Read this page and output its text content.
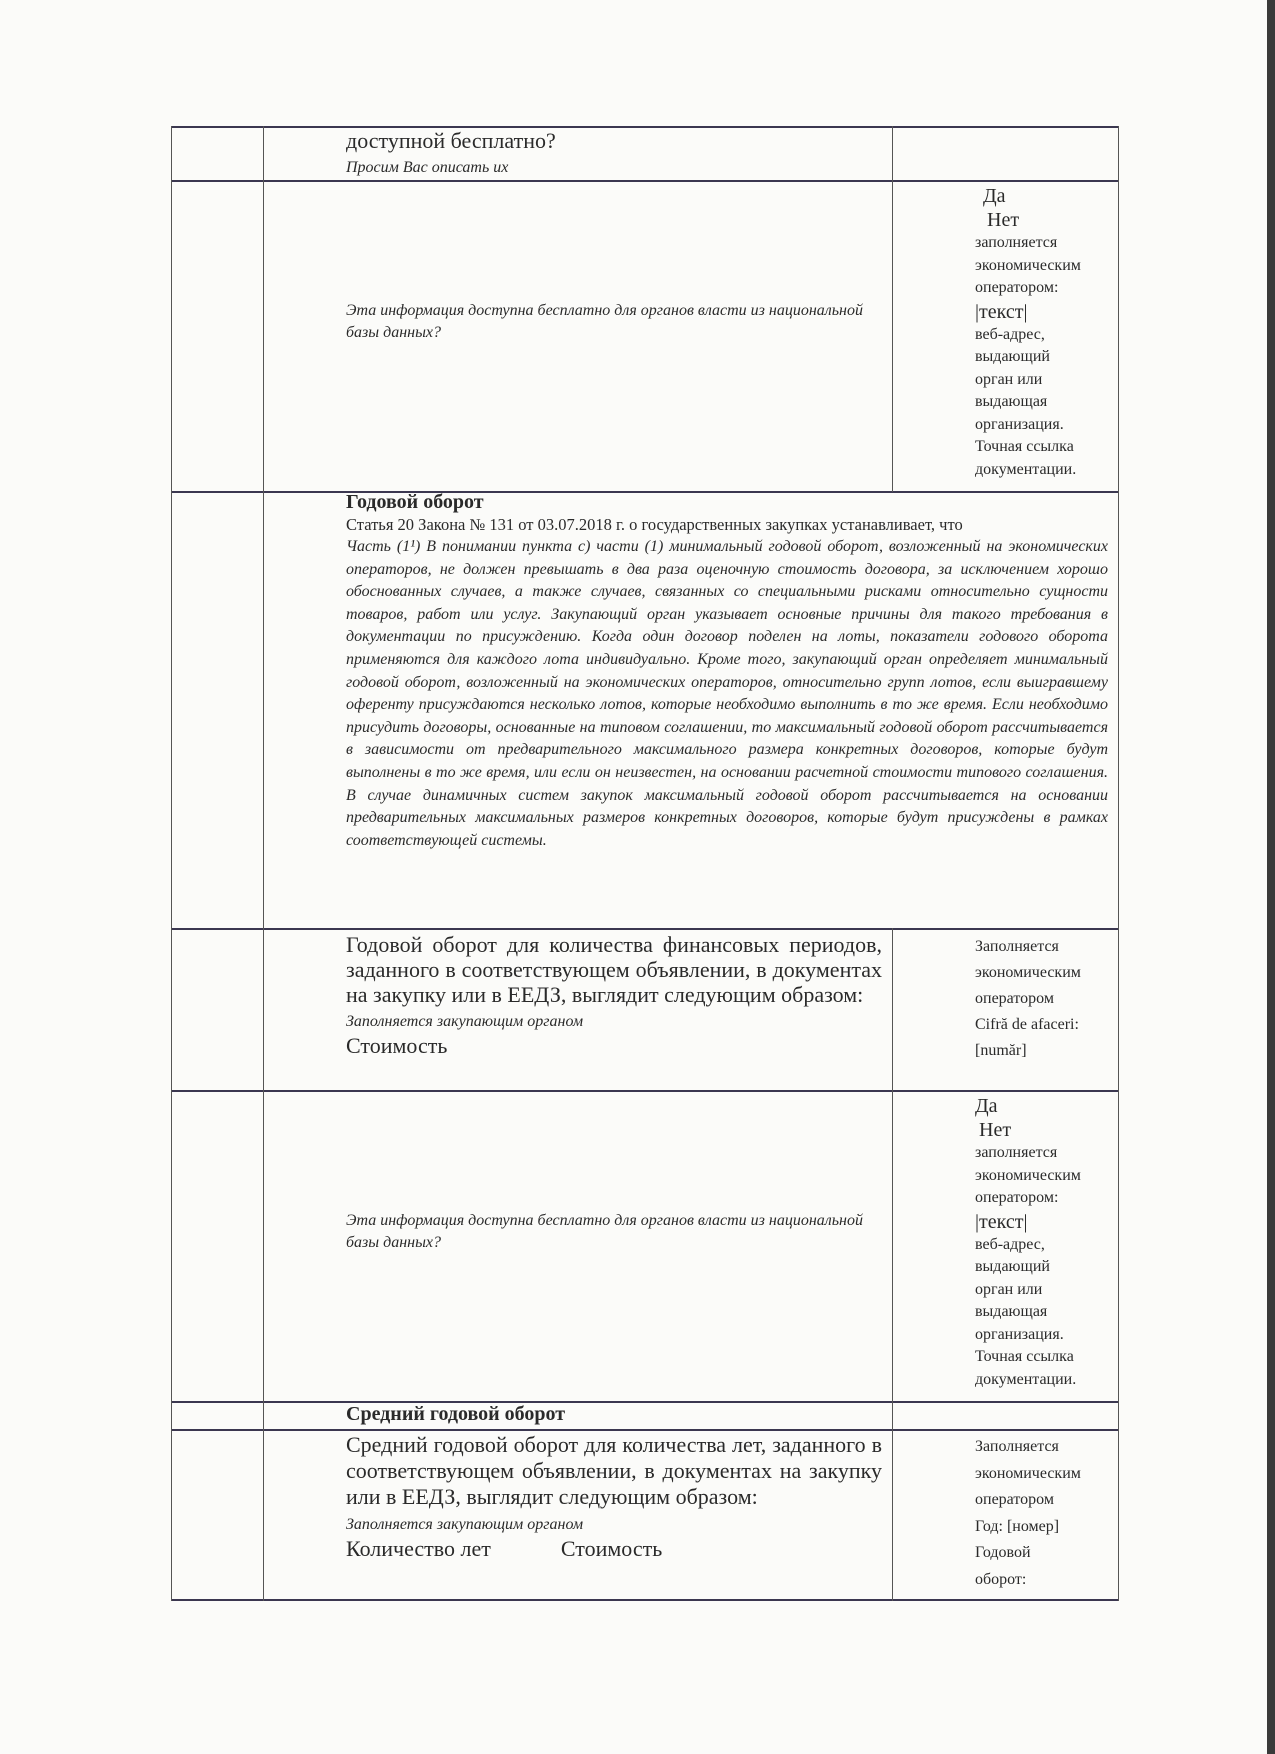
доступной бесплатно?

Просим Вас описать их

Эта информация доступна бесплатно для органов власти из национальной базы данных?

Да

Нет

заполняется

экономическим

оператором:

|текст|

веб-адрес,

выдающий

орган или

выдающая

организация.

Точная ссылка

документации.

Годовой оборот

Статья 20 Закона № 131 от 03.07.2018 г. о государственных закупках устанавливает, что

Часть (1¹) В понимании пункта с) части (1) минимальный годовой оборот, возложенный на экономических операторов, не должен превышать в два раза оценочную стоимость договора, за исключением хорошо обоснованных случаев, а также случаев, связанных со специальными рисками относительно сущности товаров, работ или услуг. Закупающий орган указывает основные причины для такого требования в документации по присуждению. Когда один договор поделен на лоты, показатели годового оборота применяются для каждого лота индивидуально. Кроме того, закупающий орган определяет минимальный годовой оборот, возложенный на экономических операторов, относительно групп лотов, если выигравшему оференту присуждаются несколько лотов, которые необходимо выполнить в то же время. Если необходимо присудить договоры, основанные на типовом соглашении, то максимальный годовой оборот рассчитывается в зависимости от предварительного максимального размера конкретных договоров, которые будут выполнены в то же время, или если он неизвестен, на основании расчетной стоимости типового соглашения. В случае динамичных систем закупок максимальный годовой оборот рассчитывается на основании предварительных максимальных размеров конкретных договоров, которые будут присуждены в рамках соответствующей системы.

Годовой оборот для количества финансовых периодов, заданного в соответствующем объявлении, в документах на закупку или в ЕЕДЗ, выглядит следующим образом:

Заполняется закупающим органом

Стоимость

Заполняется

экономическим

оператором

Cifră de afaceri:

[număr]

Эта информация доступна бесплатно для органов власти из национальной базы данных?

Да

Нет

заполняется

экономическим

оператором:

|текст|

веб-адрес,

выдающий

орган или

выдающая

организация.

Точная ссылка

документации.

Средний годовой оборот

Средний годовой оборот для количества лет, заданного в соответствующем объявлении, в документах на закупку или в ЕЕДЗ, выглядит следующим образом:

Заполняется закупающим органом

Количество лет	Стоимость

Заполняется

экономическим

оператором

Год: [номер]

Годовой

оборот:
